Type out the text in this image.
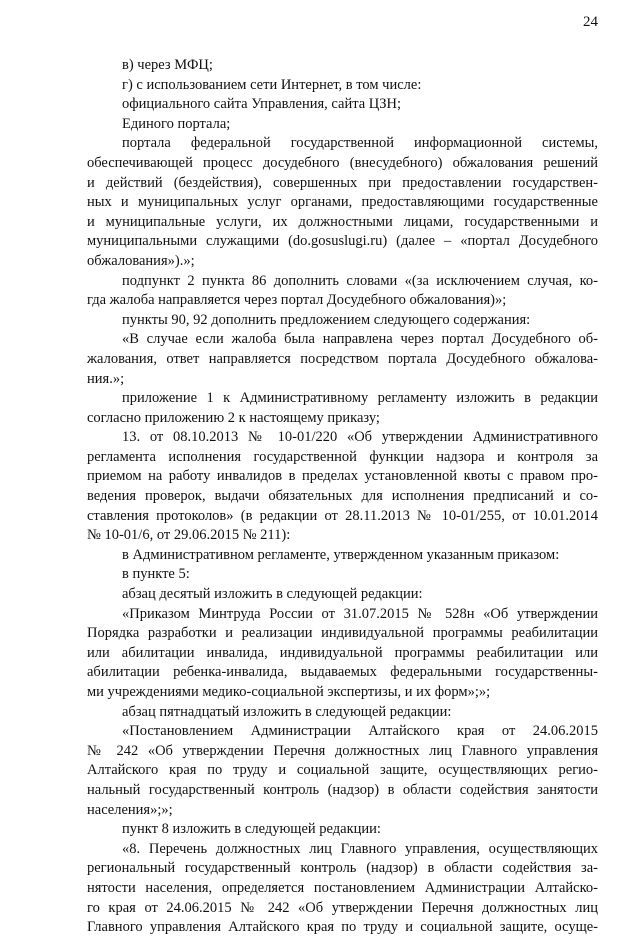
24
в) через МФЦ;
г) с использованием сети Интернет, в том числе:
официального сайта Управления, сайта ЦЗН;
Единого портала;
портала федеральной государственной информационной системы,
обеспечивающей процесс досудебного (внесудебного) обжалования решений
и действий (бездействия), совершенных при предоставлении государствен-
ных и муниципальных услуг органами, предоставляющими государственные
и муниципальные услуги, их должностными лицами, государственными и
муниципальными служащими (do.gosuslugi.ru) (далее – «портал Досудебного
обжалования»).»;
подпункт 2 пункта 86 дополнить словами «(за исключением случая, ко-
гда жалоба направляется через портал Досудебного обжалования)»;
пункты 90, 92 дополнить предложением следующего содержания:
«В случае если жалоба была направлена через портал Досудебного об-
жалования, ответ направляется посредством портала Досудебного обжалова-
ния.»;
приложение 1 к Административному регламенту изложить в редакции
согласно приложению 2 к настоящему приказу;
13. от 08.10.2013 № 10-01/220 «Об утверждении Административного
регламента исполнения государственной функции надзора и контроля за
приемом на работу инвалидов в пределах установленной квоты с правом про-
ведения проверок, выдачи обязательных для исполнения предписаний и со-
ставления протоколов» (в редакции от 28.11.2013 № 10-01/255, от 10.01.2014
№ 10-01/6, от 29.06.2015 № 211):
в Административном регламенте, утвержденном указанным приказом:
в пункте 5:
абзац десятый изложить в следующей редакции:
«Приказом Минтруда России от 31.07.2015 № 528н «Об утверждении
Порядка разработки и реализации индивидуальной программы реабилитации
или абилитации инвалида, индивидуальной программы реабилитации или
абилитации ребенка-инвалида, выдаваемых федеральными государственны-
ми учреждениями медико-социальной экспертизы, и их форм»;»;
абзац пятнадцатый изложить в следующей редакции:
«Постановлением Администрации Алтайского края от 24.06.2015
№ 242 «Об утверждении Перечня должностных лиц Главного управления
Алтайского края по труду и социальной защите, осуществляющих регио-
нальный государственный контроль (надзор) в области содействия занятости
населения»;»;
пункт 8 изложить в следующей редакции:
«8. Перечень должностных лиц Главного управления, осуществляющих
региональный государственный контроль (надзор) в области содействия за-
нятости населения, определяется постановлением Администрации Алтайско-
го края от 24.06.2015 № 242 «Об утверждении Перечня должностных лиц
Главного управления Алтайского края по труду и социальной защите, осуще-
